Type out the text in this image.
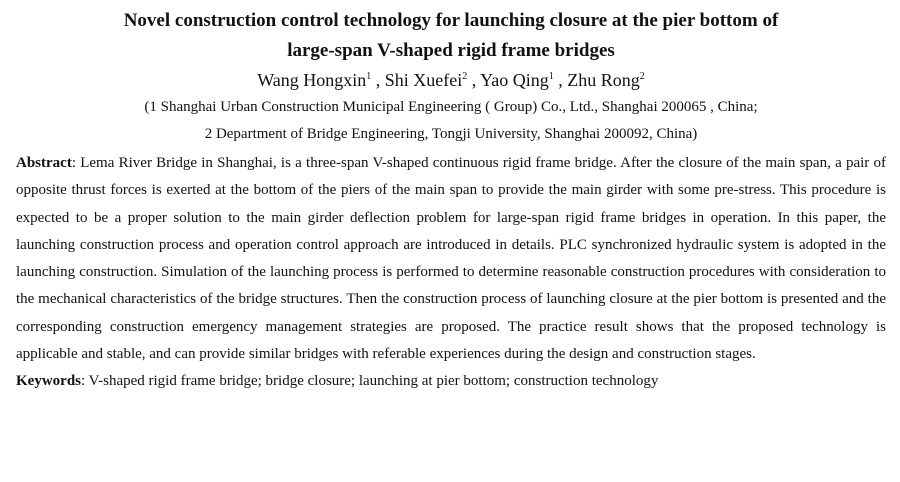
Novel construction control technology for launching closure at the pier bottom of
large-span V-shaped rigid frame bridges
Wang Hongxin$^1$ , Shi Xuefei$^2$ , Yao Qing$^1$ , Zhu Rong$^2$
(1 Shanghai Urban Construction Municipal Engineering ( Group) Co., Ltd., Shanghai 200065 , China;
2 Department of Bridge Engineering, Tongji University, Shanghai 200092, China)
Abstract: Lema River Bridge in Shanghai, is a three-span V-shaped continuous rigid frame bridge. After the closure of the main span, a pair of opposite thrust forces is exerted at the bottom of the piers of the main span to provide the main girder with some pre-stress. This procedure is expected to be a proper solution to the main girder deflection problem for large-span rigid frame bridges in operation. In this paper, the launching construction process and operation control approach are introduced in details. PLC synchronized hydraulic system is adopted in the launching construction. Simulation of the launching process is performed to determine reasonable construction procedures with consideration to the mechanical characteristics of the bridge structures. Then the construction process of launching closure at the pier bottom is presented and the corresponding construction emergency management strategies are proposed. The practice result shows that the proposed technology is applicable and stable, and can provide similar bridges with referable experiences during the design and construction stages.
Keywords: V-shaped rigid frame bridge; bridge closure; launching at pier bottom; construction technology
